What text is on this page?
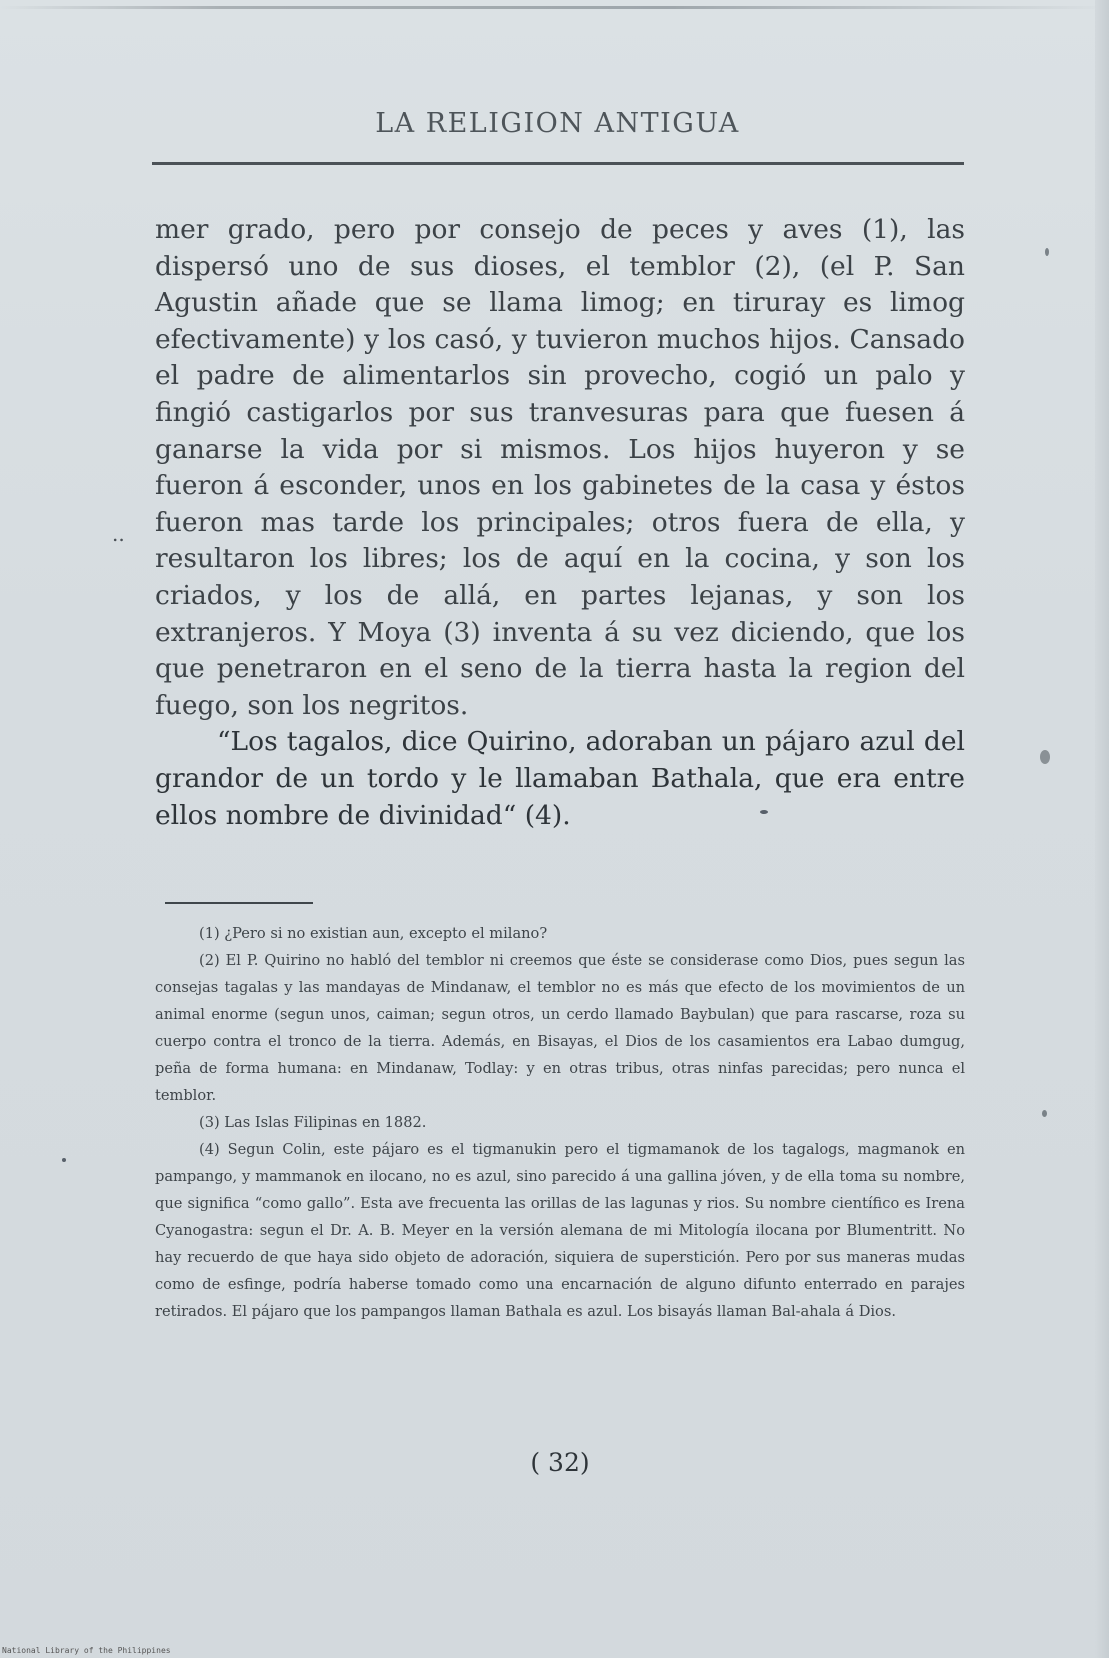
LA RELIGION ANTIGUA

mer grado, pero por consejo de peces y aves (1), las dispersó uno de sus dioses, el temblor (2), (el P. San Agustin añade que se llama limog; en tiruray es limog efectivamente) y los casó, y tuvieron muchos hijos. Cansado el padre de alimentarlos sin provecho, cogió un palo y fingió castigarlos por sus tranvesuras para que fuesen á ganarse la vida por si mismos. Los hijos huyeron y se fueron á esconder, unos en los gabinetes de la casa y éstos fueron mas tarde los principales; otros fuera de ella, y resultaron los libres; los de aquí en la cocina, y son los criados, y los de allá, en partes lejanas, y son los extranjeros. Y Moya (3) inventa á su vez diciendo, que los que penetraron en el seno de la tierra hasta la region del fuego, son los negritos.

“Los tagalos, dice Quirino, adoraban un pájaro azul del grandor de un tordo y le llamaban Bathala, que era entre ellos nombre de divinidad“ (4).

(1) ¿Pero si no existian aun, excepto el milano?

(2) El P. Quirino no habló del temblor ni creemos que éste se considerase como Dios, pues segun las consejas tagalas y las mandayas de Mindanaw, el temblor no es más que efecto de los movimientos de un animal enorme (segun unos, caiman; segun otros, un cerdo llamado Baybulan) que para rascarse, roza su cuerpo contra el tronco de la tierra. Además, en Bisayas, el Dios de los casamientos era Labao dumgug, peña de forma humana: en Mindanaw, Todlay: y en otras tribus, otras ninfas parecidas; pero nunca el temblor.

(3) Las Islas Filipinas en 1882.

(4) Segun Colin, este pájaro es el tigmanukin pero el tigmamanok de los tagalogs, magmanok en pampango, y mammanok en ilocano, no es azul, sino parecido á una gallina jóven, y de ella toma su nombre, que significa “como gallo”. Esta ave frecuenta las orillas de las lagunas y rios. Su nombre científico es Irena Cyanogastra: segun el Dr. A. B. Meyer en la versión alemana de mi Mitología ilocana por Blumentritt. No hay recuerdo de que haya sido objeto de adoración, siquiera de superstición. Pero por sus maneras mudas como de esfinge, podría haberse tomado como una encarnación de alguno difunto enterrado en parajes retirados. El pájaro que los pampangos llaman Bathala es azul. Los bisayás llaman Bal-ahala á Dios.

( 32)
..
National Library of the Philippines
